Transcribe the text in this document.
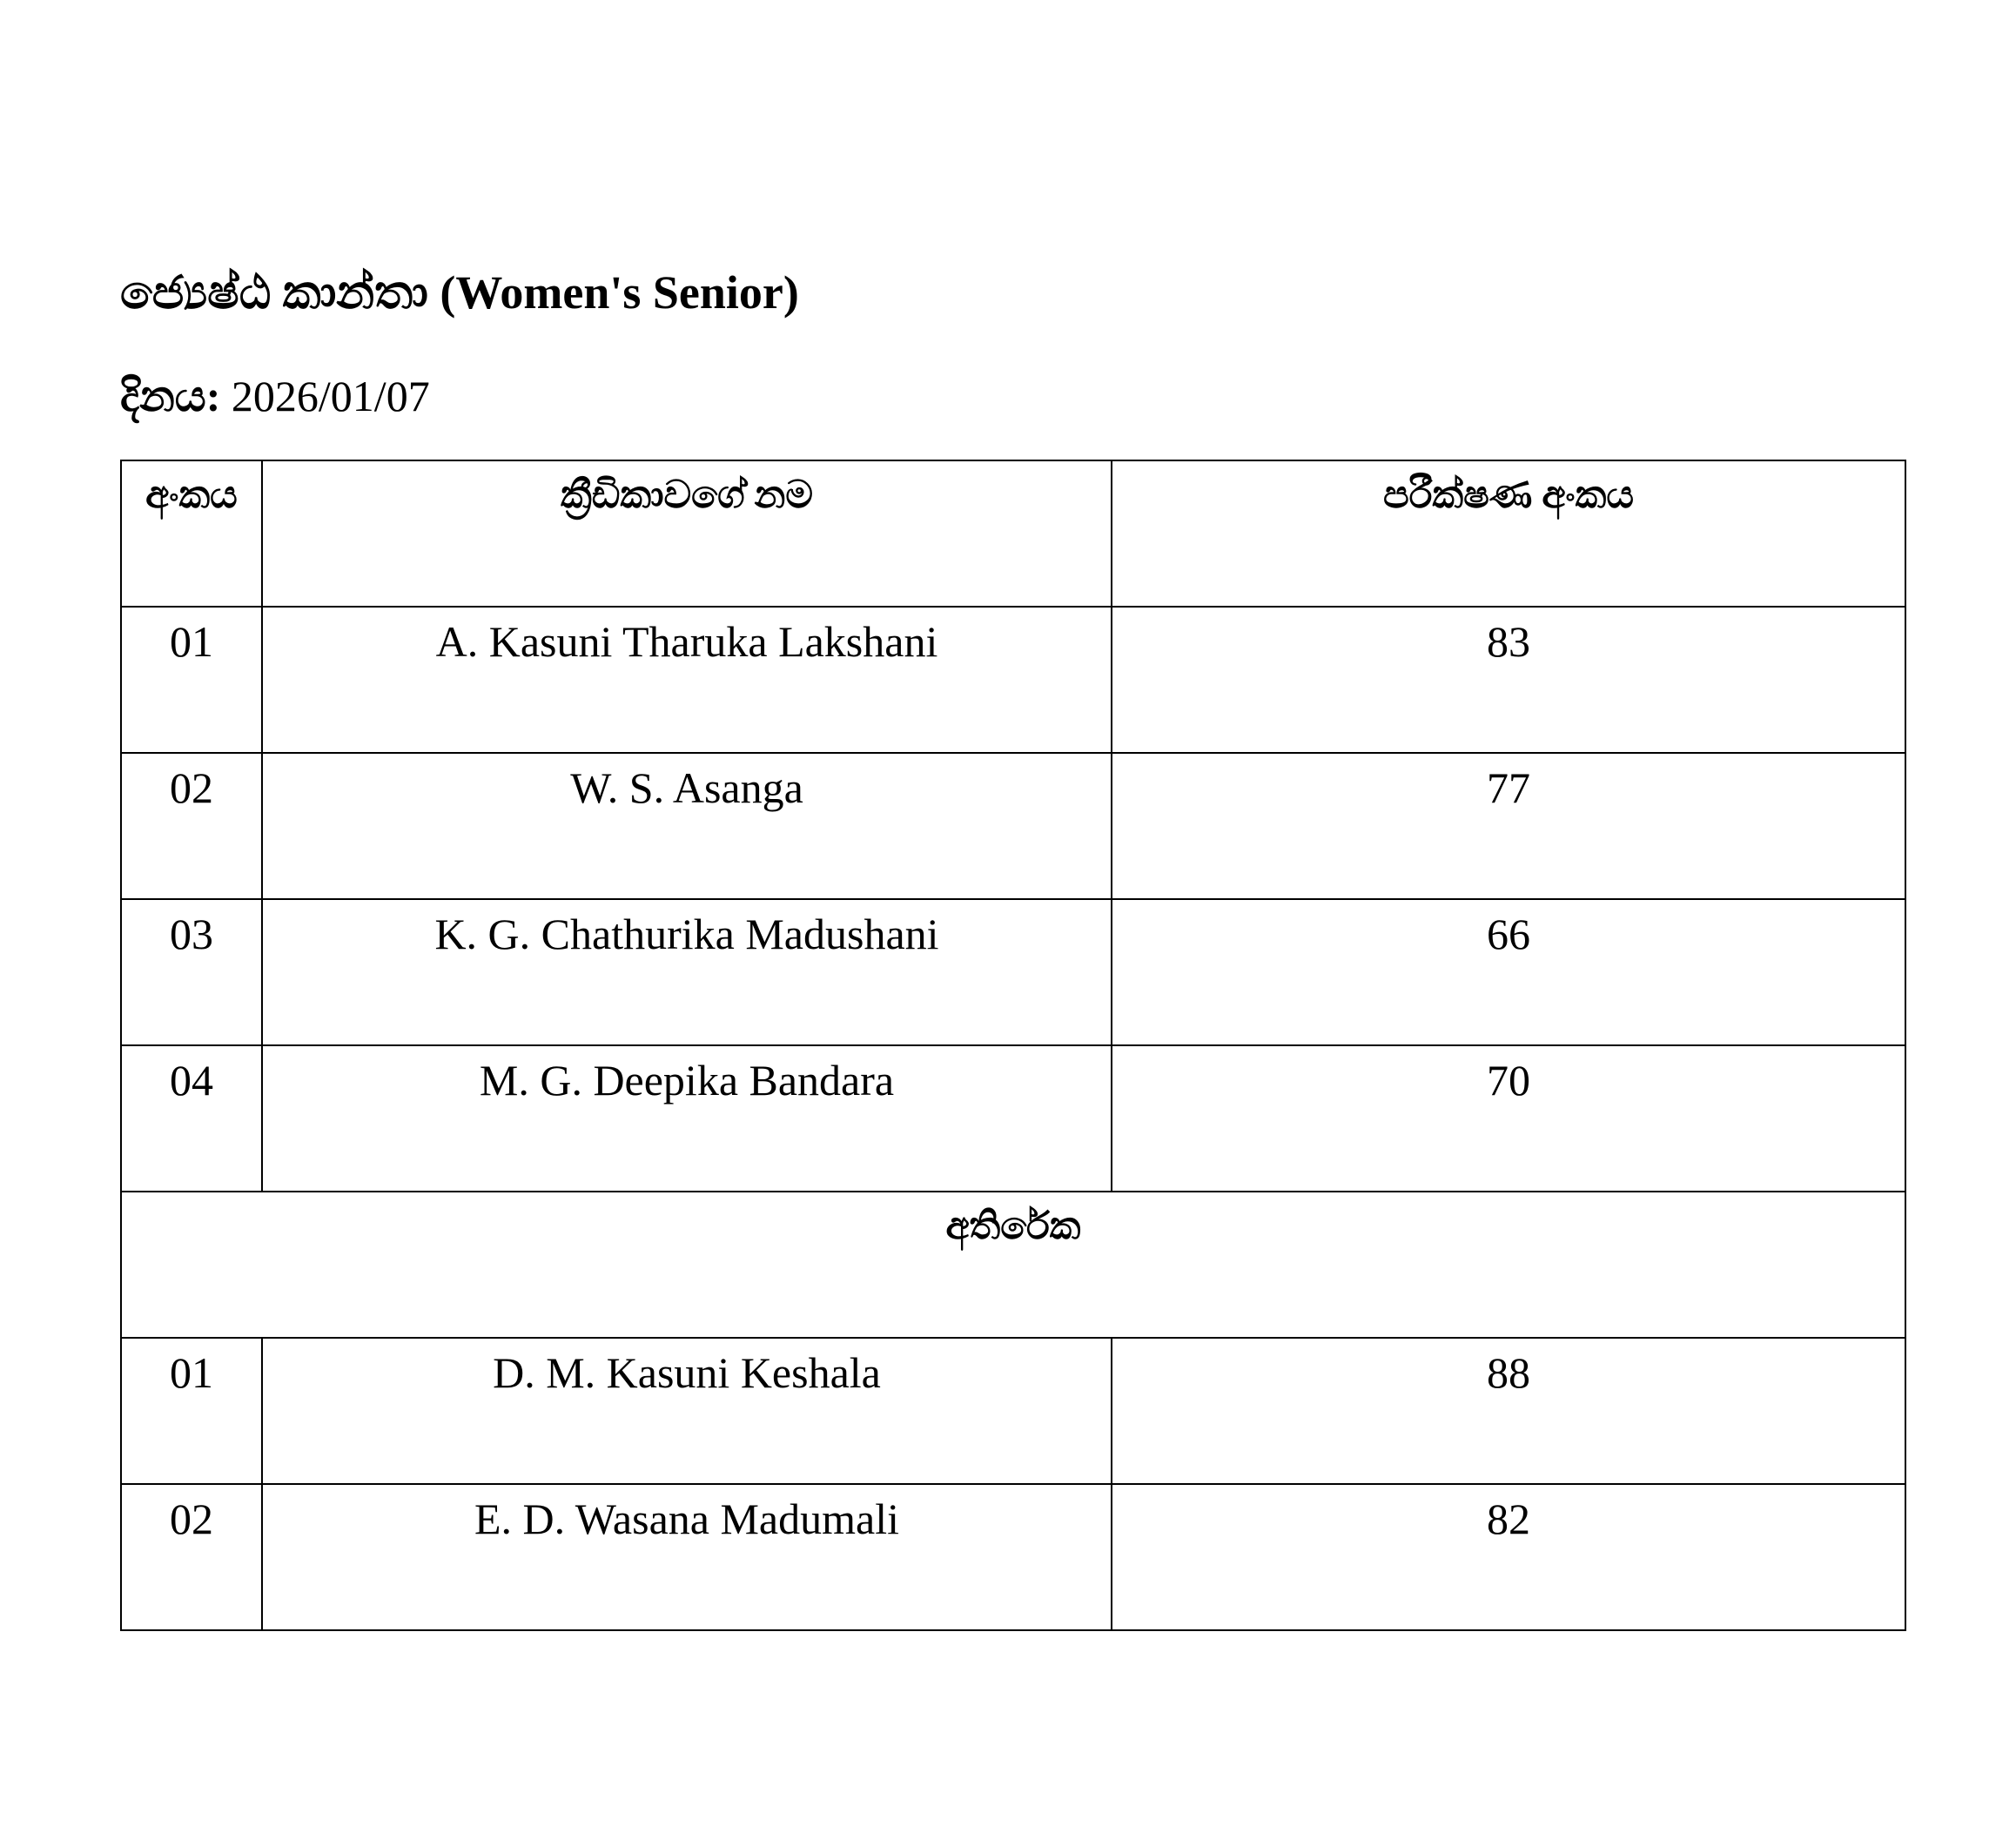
ජ්‍යෙෂ්ඨ කාන්තා (Women's Senior)

දිනය: 2026/01/07

අංකය	ක්‍රීඩිකාවගේ නම	පරීක්ෂණ අංකය
01	A. Kasuni Tharuka Lakshani	83
02	W. S. Asanga	77
03	K. G. Chathurika Madushani	66
04	M. G. Deepika Bandara	70
අතිරේක		
01	D. M. Kasuni Keshala	88
02	E. D. Wasana Madumali	82
